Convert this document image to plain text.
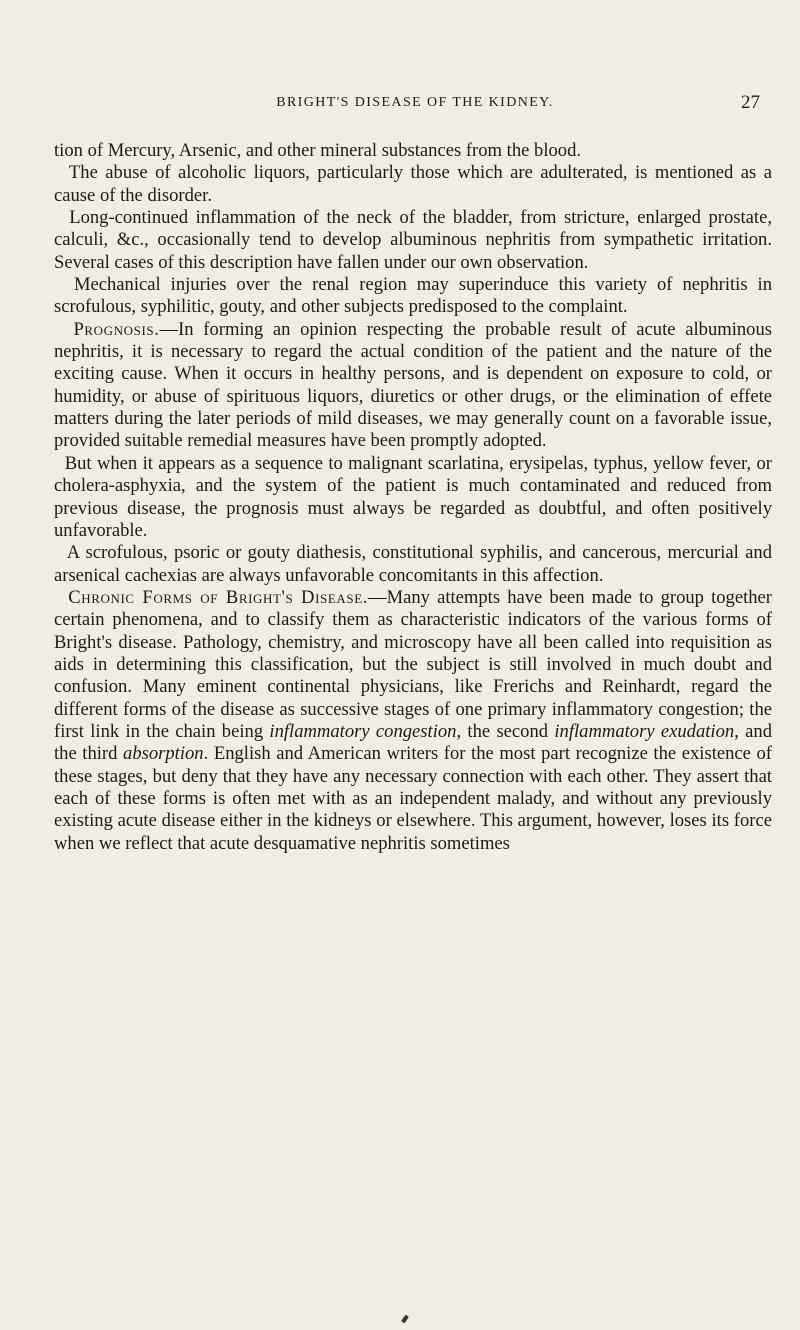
BRIGHT'S DISEASE OF THE KIDNEY.	27

tion of Mercury, Arsenic, and other mineral substances from the blood.

The abuse of alcoholic liquors, particularly those which are adulterated, is mentioned as a cause of the disorder.

Long-continued inflammation of the neck of the bladder, from stricture, enlarged prostate, calculi, &c., occasionally tend to develop albuminous nephritis from sympathetic irritation. Several cases of this description have fallen under our own observation.

Mechanical injuries over the renal region may superinduce this variety of nephritis in scrofulous, syphilitic, gouty, and other subjects predisposed to the complaint.

Prognosis.—In forming an opinion respecting the probable result of acute albuminous nephritis, it is necessary to regard the actual condition of the patient and the nature of the exciting cause. When it occurs in healthy persons, and is dependent on exposure to cold, or humidity, or abuse of spirituous liquors, diuretics or other drugs, or the elimination of effete matters during the later periods of mild diseases, we may generally count on a favorable issue, provided suitable remedial measures have been promptly adopted.

But when it appears as a sequence to malignant scarlatina, erysipelas, typhus, yellow fever, or cholera-asphyxia, and the system of the patient is much contaminated and reduced from previous disease, the prognosis must always be regarded as doubtful, and often positively unfavorable.

A scrofulous, psoric or gouty diathesis, constitutional syphilis, and cancerous, mercurial and arsenical cachexias are always unfavorable concomitants in this affection.

Chronic Forms of Bright's Disease.—Many attempts have been made to group together certain phenomena, and to classify them as characteristic indicators of the various forms of Bright's disease. Pathology, chemistry, and microscopy have all been called into requisition as aids in determining this classification, but the subject is still involved in much doubt and confusion. Many eminent continental physicians, like Frerichs and Reinhardt, regard the different forms of the disease as successive stages of one primary inflammatory congestion; the first link in the chain being inflammatory congestion, the second inflammatory exudation, and the third absorption. English and American writers for the most part recognize the existence of these stages, but deny that they have any necessary connection with each other. They assert that each of these forms is often met with as an independent malady, and without any previously existing acute disease either in the kidneys or elsewhere. This argument, however, loses its force when we reflect that acute desquamative nephritis sometimes
